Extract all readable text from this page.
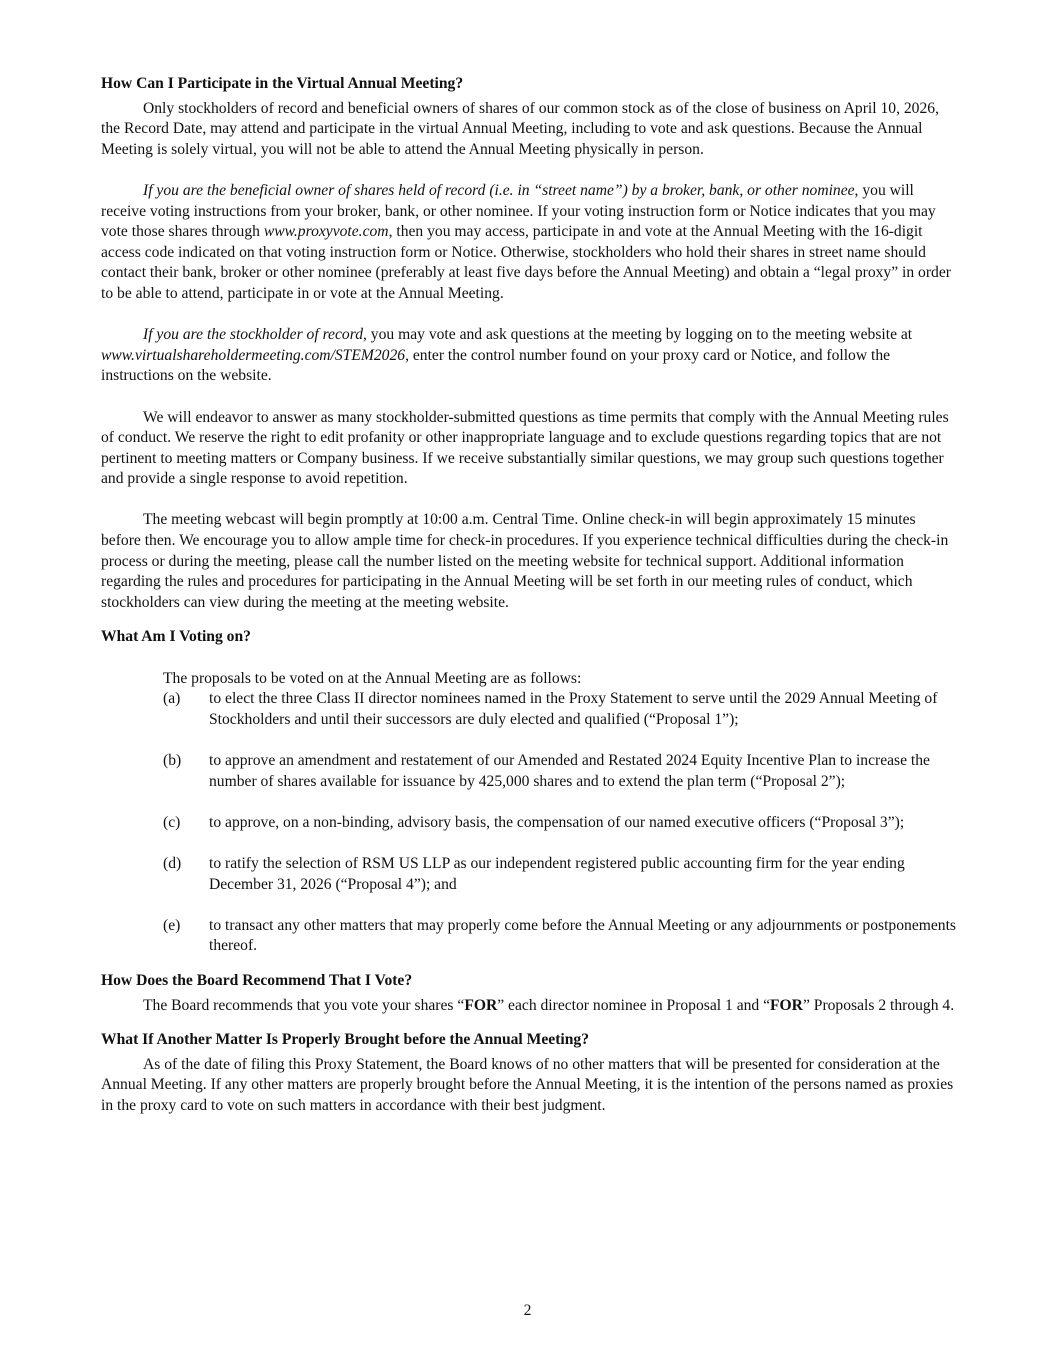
How Can I Participate in the Virtual Annual Meeting?

Only stockholders of record and beneficial owners of shares of our common stock as of the close of business on April 10, 2026, the Record Date, may attend and participate in the virtual Annual Meeting, including to vote and ask questions. Because the Annual Meeting is solely virtual, you will not be able to attend the Annual Meeting physically in person.

If you are the beneficial owner of shares held of record (i.e. in “street name”) by a broker, bank, or other nominee, you will receive voting instructions from your broker, bank, or other nominee. If your voting instruction form or Notice indicates that you may vote those shares through www.proxyvote.com, then you may access, participate in and vote at the Annual Meeting with the 16-digit access code indicated on that voting instruction form or Notice. Otherwise, stockholders who hold their shares in street name should contact their bank, broker or other nominee (preferably at least five days before the Annual Meeting) and obtain a “legal proxy” in order to be able to attend, participate in or vote at the Annual Meeting.

If you are the stockholder of record, you may vote and ask questions at the meeting by logging on to the meeting website at www.virtualshareholdermeeting.com/STEM2026, enter the control number found on your proxy card or Notice, and follow the instructions on the website.

We will endeavor to answer as many stockholder-submitted questions as time permits that comply with the Annual Meeting rules of conduct. We reserve the right to edit profanity or other inappropriate language and to exclude questions regarding topics that are not pertinent to meeting matters or Company business. If we receive substantially similar questions, we may group such questions together and provide a single response to avoid repetition.

The meeting webcast will begin promptly at 10:00 a.m. Central Time. Online check-in will begin approximately 15 minutes before then. We encourage you to allow ample time for check-in procedures. If you experience technical difficulties during the check-in process or during the meeting, please call the number listed on the meeting website for technical support. Additional information regarding the rules and procedures for participating in the Annual Meeting will be set forth in our meeting rules of conduct, which stockholders can view during the meeting at the meeting website.

What Am I Voting on?

The proposals to be voted on at the Annual Meeting are as follows:

(a)	to elect the three Class II director nominees named in the Proxy Statement to serve until the 2029 Annual Meeting of Stockholders and until their successors are duly elected and qualified (“Proposal 1”);
(b)	to approve an amendment and restatement of our Amended and Restated 2024 Equity Incentive Plan to increase the number of shares available for issuance by 425,000 shares and to extend the plan term (“Proposal 2”);
(c)	to approve, on a non-binding, advisory basis, the compensation of our named executive officers (“Proposal 3”);
(d)	to ratify the selection of RSM US LLP as our independent registered public accounting firm for the year ending December 31, 2026 (“Proposal 4”); and
(e)	to transact any other matters that may properly come before the Annual Meeting or any adjournments or postponements thereof.
How Does the Board Recommend That I Vote?

The Board recommends that you vote your shares “FOR” each director nominee in Proposal 1 and “FOR” Proposals 2 through 4.

What If Another Matter Is Properly Brought before the Annual Meeting?

As of the date of filing this Proxy Statement, the Board knows of no other matters that will be presented for consideration at the Annual Meeting. If any other matters are properly brought before the Annual Meeting, it is the intention of the persons named as proxies in the proxy card to vote on such matters in accordance with their best judgment.

2
